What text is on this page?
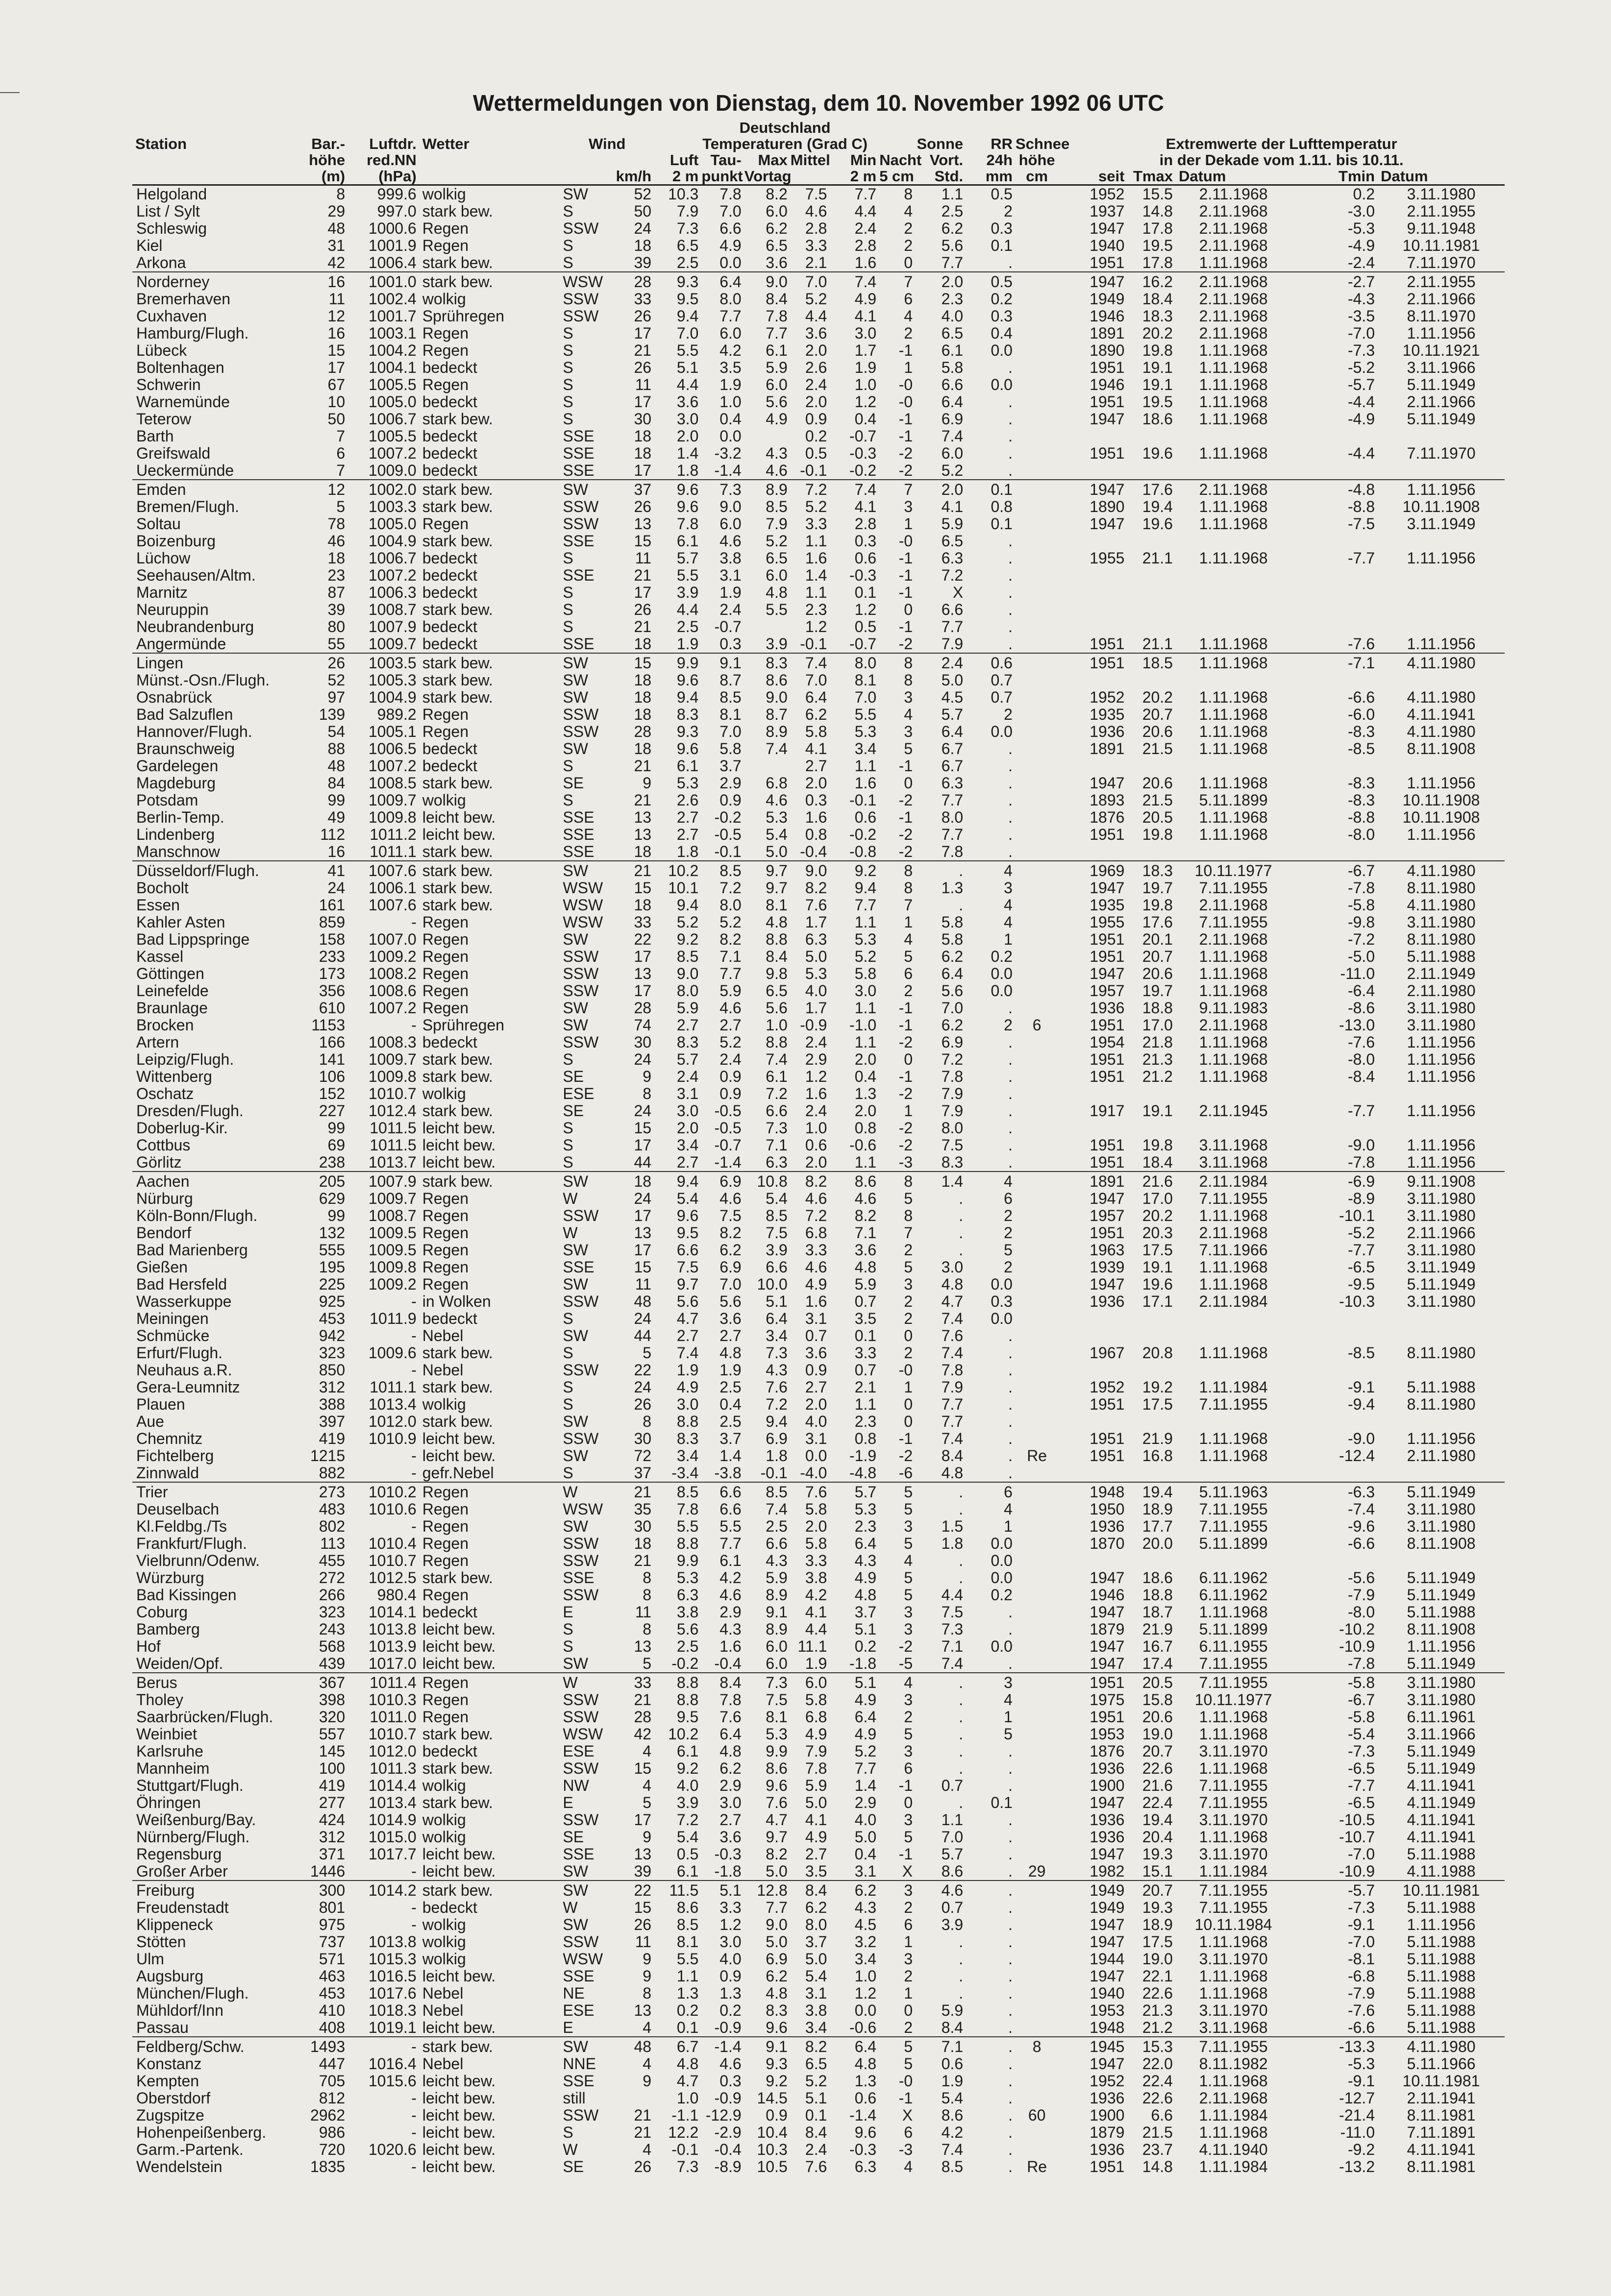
Wettermeldungen von Dienstag, dem 10. November 1992 06 UTC
						Deutschland													
Station	Bar.-	Luftdr.	Wetter	Wind		Temperaturen (Grad C)						Sonne	RR	Schnee	Extremwerte der Lufttemperatur				
	höhe	red.NN				Luft	Tau-	Max	Mittel	Min	Nacht	Vort.	24h	höhe	in der Dekade vom 1.11. bis 10.11.				
	(m)	(hPa)			km/h	2 m	punkt	Vortag		2 m	5 cm	Std.	mm	cm	seit	Tmax	Datum	Tmin	Datum
Helgoland	8	999.6	wolkig	SW	52	10.3	7.8	8.2	7.5	7.7	8	1.1	0.5		1952	15.5	2.11.1968	0.2	3.11.1980
List / Sylt	29	997.0	stark bew.	S	50	7.9	7.0	6.0	4.6	4.4	4	2.5	2		1937	14.8	2.11.1968	-3.0	2.11.1955
Schleswig	48	1000.6	Regen	SSW	24	7.3	6.6	6.2	2.8	2.4	2	6.2	0.3		1947	17.8	2.11.1968	-5.3	9.11.1948
Kiel	31	1001.9	Regen	S	18	6.5	4.9	6.5	3.3	2.8	2	5.6	0.1		1940	19.5	2.11.1968	-4.9	10.11.1981
Arkona	42	1006.4	stark bew.	S	39	2.5	0.0	3.6	2.1	1.6	0	7.7	.		1951	17.8	1.11.1968	-2.4	7.11.1970
Norderney	16	1001.0	stark bew.	WSW	28	9.3	6.4	9.0	7.0	7.4	7	2.0	0.5		1947	16.2	2.11.1968	-2.7	2.11.1955
Bremerhaven	11	1002.4	wolkig	SSW	33	9.5	8.0	8.4	5.2	4.9	6	2.3	0.2		1949	18.4	2.11.1968	-4.3	2.11.1966
Cuxhaven	12	1001.7	Sprühregen	SSW	26	9.4	7.7	7.8	4.4	4.1	4	4.0	0.3		1946	18.3	2.11.1968	-3.5	8.11.1970
Hamburg/Flugh.	16	1003.1	Regen	S	17	7.0	6.0	7.7	3.6	3.0	2	6.5	0.4		1891	20.2	2.11.1968	-7.0	1.11.1956
Lübeck	15	1004.2	Regen	S	21	5.5	4.2	6.1	2.0	1.7	-1	6.1	0.0		1890	19.8	1.11.1968	-7.3	10.11.1921
Boltenhagen	17	1004.1	bedeckt	S	26	5.1	3.5	5.9	2.6	1.9	1	5.8	.		1951	19.1	1.11.1968	-5.2	3.11.1966
Schwerin	67	1005.5	Regen	S	11	4.4	1.9	6.0	2.4	1.0	-0	6.6	0.0		1946	19.1	1.11.1968	-5.7	5.11.1949
Warnemünde	10	1005.0	bedeckt	S	17	3.6	1.0	5.6	2.0	1.2	-0	6.4	.		1951	19.5	1.11.1968	-4.4	2.11.1966
Teterow	50	1006.7	stark bew.	S	30	3.0	0.4	4.9	0.9	0.4	-1	6.9	.		1947	18.6	1.11.1968	-4.9	5.11.1949
Barth	7	1005.5	bedeckt	SSE	18	2.0	0.0		0.2	-0.7	-1	7.4	.						
Greifswald	6	1007.2	bedeckt	SSE	18	1.4	-3.2	4.3	0.5	-0.3	-2	6.0	.		1951	19.6	1.11.1968	-4.4	7.11.1970
Ueckermünde	7	1009.0	bedeckt	SSE	17	1.8	-1.4	4.6	-0.1	-0.2	-2	5.2	.						
Emden	12	1002.0	stark bew.	SW	37	9.6	7.3	8.9	7.2	7.4	7	2.0	0.1		1947	17.6	2.11.1968	-4.8	1.11.1956
Bremen/Flugh.	5	1003.3	stark bew.	SSW	26	9.6	9.0	8.5	5.2	4.1	3	4.1	0.8		1890	19.4	1.11.1968	-8.8	10.11.1908
Soltau	78	1005.0	Regen	SSW	13	7.8	6.0	7.9	3.3	2.8	1	5.9	0.1		1947	19.6	1.11.1968	-7.5	3.11.1949
Boizenburg	46	1004.9	stark bew.	SSE	15	6.1	4.6	5.2	1.1	0.3	-0	6.5	.						
Lüchow	18	1006.7	bedeckt	S	11	5.7	3.8	6.5	1.6	0.6	-1	6.3	.		1955	21.1	1.11.1968	-7.7	1.11.1956
Seehausen/Altm.	23	1007.2	bedeckt	SSE	21	5.5	3.1	6.0	1.4	-0.3	-1	7.2	.						
Marnitz	87	1006.3	bedeckt	S	17	3.9	1.9	4.8	1.1	0.1	-1	X	.						
Neuruppin	39	1008.7	stark bew.	S	26	4.4	2.4	5.5	2.3	1.2	0	6.6	.						
Neubrandenburg	80	1007.9	bedeckt	S	21	2.5	-0.7		1.2	0.5	-1	7.7	.						
Angermünde	55	1009.7	bedeckt	SSE	18	1.9	0.3	3.9	-0.1	-0.7	-2	7.9	.		1951	21.1	1.11.1968	-7.6	1.11.1956
Lingen	26	1003.5	stark bew.	SW	15	9.9	9.1	8.3	7.4	8.0	8	2.4	0.6		1951	18.5	1.11.1968	-7.1	4.11.1980
Münst.-Osn./Flugh.	52	1005.3	stark bew.	SW	18	9.6	8.7	8.6	7.0	8.1	8	5.0	0.7						
Osnabrück	97	1004.9	stark bew.	SW	18	9.4	8.5	9.0	6.4	7.0	3	4.5	0.7		1952	20.2	1.11.1968	-6.6	4.11.1980
Bad Salzuflen	139	989.2	Regen	SSW	18	8.3	8.1	8.7	6.2	5.5	4	5.7	2		1935	20.7	1.11.1968	-6.0	4.11.1941
Hannover/Flugh.	54	1005.1	Regen	SSW	28	9.3	7.0	8.9	5.8	5.3	3	6.4	0.0		1936	20.6	1.11.1968	-8.3	4.11.1980
Braunschweig	88	1006.5	bedeckt	SW	18	9.6	5.8	7.4	4.1	3.4	5	6.7	.		1891	21.5	1.11.1968	-8.5	8.11.1908
Gardelegen	48	1007.2	bedeckt	S	21	6.1	3.7		2.7	1.1	-1	6.7	.						
Magdeburg	84	1008.5	stark bew.	SE	9	5.3	2.9	6.8	2.0	1.6	0	6.3	.		1947	20.6	1.11.1968	-8.3	1.11.1956
Potsdam	99	1009.7	wolkig	S	21	2.6	0.9	4.6	0.3	-0.1	-2	7.7	.		1893	21.5	5.11.1899	-8.3	10.11.1908
Berlin-Temp.	49	1009.8	leicht bew.	SSE	13	2.7	-0.2	5.3	1.6	0.6	-1	8.0	.		1876	20.5	1.11.1968	-8.8	10.11.1908
Lindenberg	112	1011.2	leicht bew.	SSE	13	2.7	-0.5	5.4	0.8	-0.2	-2	7.7	.		1951	19.8	1.11.1968	-8.0	1.11.1956
Manschnow	16	1011.1	stark bew.	SSE	18	1.8	-0.1	5.0	-0.4	-0.8	-2	7.8	.						
Düsseldorf/Flugh.	41	1007.6	stark bew.	SW	21	10.2	8.5	9.7	9.0	9.2	8	.	4		1969	18.3	10.11.1977	-6.7	4.11.1980
Bocholt	24	1006.1	stark bew.	WSW	15	10.1	7.2	9.7	8.2	9.4	8	1.3	3		1947	19.7	7.11.1955	-7.8	8.11.1980
Essen	161	1007.6	stark bew.	WSW	18	9.4	8.0	8.1	7.6	7.7	7	.	4		1935	19.8	2.11.1968	-5.8	4.11.1980
Kahler Asten	859	-	Regen	WSW	33	5.2	5.2	4.8	1.7	1.1	1	5.8	4		1955	17.6	7.11.1955	-9.8	3.11.1980
Bad Lippspringe	158	1007.0	Regen	SW	22	9.2	8.2	8.8	6.3	5.3	4	5.8	1		1951	20.1	2.11.1968	-7.2	8.11.1980
Kassel	233	1009.2	Regen	SSW	17	8.5	7.1	8.4	5.0	5.2	5	6.2	0.2		1951	20.7	1.11.1968	-5.0	5.11.1988
Göttingen	173	1008.2	Regen	SSW	13	9.0	7.7	9.8	5.3	5.8	6	6.4	0.0		1947	20.6	1.11.1968	-11.0	2.11.1949
Leinefelde	356	1008.6	Regen	SSW	17	8.0	5.9	6.5	4.0	3.0	2	5.6	0.0		1957	19.7	1.11.1968	-6.4	2.11.1980
Braunlage	610	1007.2	Regen	SW	28	5.9	4.6	5.6	1.7	1.1	-1	7.0	.		1936	18.8	9.11.1983	-8.6	3.11.1980
Brocken	1153	-	Sprühregen	SW	74	2.7	2.7	1.0	-0.9	-1.0	-1	6.2	2	6	1951	17.0	2.11.1968	-13.0	3.11.1980
Artern	166	1008.3	bedeckt	SSW	30	8.3	5.2	8.8	2.4	1.1	-2	6.9	.		1954	21.8	1.11.1968	-7.6	1.11.1956
Leipzig/Flugh.	141	1009.7	stark bew.	S	24	5.7	2.4	7.4	2.9	2.0	0	7.2	.		1951	21.3	1.11.1968	-8.0	1.11.1956
Wittenberg	106	1009.8	stark bew.	SE	9	2.4	0.9	6.1	1.2	0.4	-1	7.8	.		1951	21.2	1.11.1968	-8.4	1.11.1956
Oschatz	152	1010.7	wolkig	ESE	8	3.1	0.9	7.2	1.6	1.3	-2	7.9	.						
Dresden/Flugh.	227	1012.4	stark bew.	SE	24	3.0	-0.5	6.6	2.4	2.0	1	7.9	.		1917	19.1	2.11.1945	-7.7	1.11.1956
Doberlug-Kir.	99	1011.5	leicht bew.	S	15	2.0	-0.5	7.3	1.0	0.8	-2	8.0	.						
Cottbus	69	1011.5	leicht bew.	S	17	3.4	-0.7	7.1	0.6	-0.6	-2	7.5	.		1951	19.8	3.11.1968	-9.0	1.11.1956
Görlitz	238	1013.7	leicht bew.	S	44	2.7	-1.4	6.3	2.0	1.1	-3	8.3	.		1951	18.4	3.11.1968	-7.8	1.11.1956
Aachen	205	1007.9	stark bew.	SW	18	9.4	6.9	10.8	8.2	8.6	8	1.4	4		1891	21.6	2.11.1984	-6.9	9.11.1908
Nürburg	629	1009.7	Regen	W	24	5.4	4.6	5.4	4.6	4.6	5	.	6		1947	17.0	7.11.1955	-8.9	3.11.1980
Köln-Bonn/Flugh.	99	1008.7	Regen	SSW	17	9.6	7.5	8.5	7.2	8.2	8	.	2		1957	20.2	1.11.1968	-10.1	3.11.1980
Bendorf	132	1009.5	Regen	W	13	9.5	8.2	7.5	6.8	7.1	7	.	2		1951	20.3	2.11.1968	-5.2	2.11.1966
Bad Marienberg	555	1009.5	Regen	SW	17	6.6	6.2	3.9	3.3	3.6	2	.	5		1963	17.5	7.11.1966	-7.7	3.11.1980
Gießen	195	1009.8	Regen	SSE	15	7.5	6.9	6.6	4.6	4.8	5	3.0	2		1939	19.1	1.11.1968	-6.5	3.11.1949
Bad Hersfeld	225	1009.2	Regen	SW	11	9.7	7.0	10.0	4.9	5.9	3	4.8	0.0		1947	19.6	1.11.1968	-9.5	5.11.1949
Wasserkuppe	925	-	in Wolken	SSW	48	5.6	5.6	5.1	1.6	0.7	2	4.7	0.3		1936	17.1	2.11.1984	-10.3	3.11.1980
Meiningen	453	1011.9	bedeckt	S	24	4.7	3.6	6.4	3.1	3.5	2	7.4	0.0						
Schmücke	942	-	Nebel	SW	44	2.7	2.7	3.4	0.7	0.1	0	7.6	.						
Erfurt/Flugh.	323	1009.6	stark bew.	S	5	7.4	4.8	7.3	3.6	3.3	2	7.4	.		1967	20.8	1.11.1968	-8.5	8.11.1980
Neuhaus a.R.	850	-	Nebel	SSW	22	1.9	1.9	4.3	0.9	0.7	-0	7.8	.						
Gera-Leumnitz	312	1011.1	stark bew.	S	24	4.9	2.5	7.6	2.7	2.1	1	7.9	.		1952	19.2	1.11.1984	-9.1	5.11.1988
Plauen	388	1013.4	wolkig	S	26	3.0	0.4	7.2	2.0	1.1	0	7.7	.		1951	17.5	7.11.1955	-9.4	8.11.1980
Aue	397	1012.0	stark bew.	SW	8	8.8	2.5	9.4	4.0	2.3	0	7.7	.						
Chemnitz	419	1010.9	leicht bew.	SSW	30	8.3	3.7	6.9	3.1	0.8	-1	7.4	.		1951	21.9	1.11.1968	-9.0	1.11.1956
Fichtelberg	1215	-	leicht bew.	SW	72	3.4	1.4	1.8	0.0	-1.9	-2	8.4	.	Re	1951	16.8	1.11.1968	-12.4	2.11.1980
Zinnwald	882	-	gefr.Nebel	S	37	-3.4	-3.8	-0.1	-4.0	-4.8	-6	4.8	.						
Trier	273	1010.2	Regen	W	21	8.5	6.6	8.5	7.6	5.7	5	.	6		1948	19.4	5.11.1963	-6.3	5.11.1949
Deuselbach	483	1010.6	Regen	WSW	35	7.8	6.6	7.4	5.8	5.3	5	.	4		1950	18.9	7.11.1955	-7.4	3.11.1980
Kl.Feldbg./Ts	802	-	Regen	SW	30	5.5	5.5	2.5	2.0	2.3	3	1.5	1		1936	17.7	7.11.1955	-9.6	3.11.1980
Frankfurt/Flugh.	113	1010.4	Regen	SSW	18	8.8	7.7	6.6	5.8	6.4	5	1.8	0.0		1870	20.0	5.11.1899	-6.6	8.11.1908
Vielbrunn/Odenw.	455	1010.7	Regen	SSW	21	9.9	6.1	4.3	3.3	4.3	4	.	0.0						
Würzburg	272	1012.5	stark bew.	SSE	8	5.3	4.2	5.9	3.8	4.9	5	.	0.0		1947	18.6	6.11.1962	-5.6	5.11.1949
Bad Kissingen	266	980.4	Regen	SSW	8	6.3	4.6	8.9	4.2	4.8	5	4.4	0.2		1946	18.8	6.11.1962	-7.9	5.11.1949
Coburg	323	1014.1	bedeckt	E	11	3.8	2.9	9.1	4.1	3.7	3	7.5	.		1947	18.7	1.11.1968	-8.0	5.11.1988
Bamberg	243	1013.8	leicht bew.	S	8	5.6	4.3	8.9	4.4	5.1	3	7.3	.		1879	21.9	5.11.1899	-10.2	8.11.1908
Hof	568	1013.9	leicht bew.	S	13	2.5	1.6	6.0	11.1	0.2	-2	7.1	0.0		1947	16.7	6.11.1955	-10.9	1.11.1956
Weiden/Opf.	439	1017.0	leicht bew.	SW	5	-0.2	-0.4	6.0	1.9	-1.8	-5	7.4	.		1947	17.4	7.11.1955	-7.8	5.11.1949
Berus	367	1011.4	Regen	W	33	8.8	8.4	7.3	6.0	5.1	4	.	3		1951	20.5	7.11.1955	-5.8	3.11.1980
Tholey	398	1010.3	Regen	SSW	21	8.8	7.8	7.5	5.8	4.9	3	.	4		1975	15.8	10.11.1977	-6.7	3.11.1980
Saarbrücken/Flugh.	320	1011.0	Regen	SSW	28	9.5	7.6	8.1	6.8	6.4	2	.	1		1951	20.6	1.11.1968	-5.8	6.11.1961
Weinbiet	557	1010.7	stark bew.	WSW	42	10.2	6.4	5.3	4.9	4.9	5	.	5		1953	19.0	1.11.1968	-5.4	3.11.1966
Karlsruhe	145	1012.0	bedeckt	ESE	4	6.1	4.8	9.9	7.9	5.2	3	.	.		1876	20.7	3.11.1970	-7.3	5.11.1949
Mannheim	100	1011.3	stark bew.	SSW	15	9.2	6.2	8.6	7.8	7.7	6	.	.		1936	22.6	1.11.1968	-6.5	5.11.1949
Stuttgart/Flugh.	419	1014.4	wolkig	NW	4	4.0	2.9	9.6	5.9	1.4	-1	0.7	.		1900	21.6	7.11.1955	-7.7	4.11.1941
Öhringen	277	1013.4	stark bew.	E	5	3.9	3.0	7.6	5.0	2.9	0	.	0.1		1947	22.4	7.11.1955	-6.5	4.11.1949
Weißenburg/Bay.	424	1014.9	wolkig	SSW	17	7.2	2.7	4.7	4.1	4.0	3	1.1	.		1936	19.4	3.11.1970	-10.5	4.11.1941
Nürnberg/Flugh.	312	1015.0	wolkig	SE	9	5.4	3.6	9.7	4.9	5.0	5	7.0	.		1936	20.4	1.11.1968	-10.7	4.11.1941
Regensburg	371	1017.7	leicht bew.	SSE	13	0.5	-0.3	8.2	2.7	0.4	-1	5.7	.		1947	19.3	3.11.1970	-7.0	5.11.1988
Großer Arber	1446	-	leicht bew.	SW	39	6.1	-1.8	5.0	3.5	3.1	X	8.6	.	29	1982	15.1	1.11.1984	-10.9	4.11.1988
Freiburg	300	1014.2	stark bew.	SW	22	11.5	5.1	12.8	8.4	6.2	3	4.6	.		1949	20.7	7.11.1955	-5.7	10.11.1981
Freudenstadt	801	-	bedeckt	W	15	8.6	3.3	7.7	6.2	4.3	2	0.7	.		1949	19.3	7.11.1955	-7.3	5.11.1988
Klippeneck	975	-	wolkig	SW	26	8.5	1.2	9.0	8.0	4.5	6	3.9	.		1947	18.9	10.11.1984	-9.1	1.11.1956
Stötten	737	1013.8	wolkig	SSW	11	8.1	3.0	5.0	3.7	3.2	1	.	.		1947	17.5	1.11.1968	-7.0	5.11.1988
Ulm	571	1015.3	wolkig	WSW	9	5.5	4.0	6.9	5.0	3.4	3	.	.		1944	19.0	3.11.1970	-8.1	5.11.1988
Augsburg	463	1016.5	leicht bew.	SSE	9	1.1	0.9	6.2	5.4	1.0	2	.	.		1947	22.1	1.11.1968	-6.8	5.11.1988
München/Flugh.	453	1017.6	Nebel	NE	8	1.3	1.3	4.8	3.1	1.2	1	.	.		1940	22.6	1.11.1968	-7.9	5.11.1988
Mühldorf/Inn	410	1018.3	Nebel	ESE	13	0.2	0.2	8.3	3.8	0.0	0	5.9	.		1953	21.3	3.11.1970	-7.6	5.11.1988
Passau	408	1019.1	leicht bew.	E	4	0.1	-0.9	9.6	3.4	-0.6	2	8.4	.		1948	21.2	3.11.1968	-6.6	5.11.1988
Feldberg/Schw.	1493	-	stark bew.	SW	48	6.7	-1.4	9.1	8.2	6.4	5	7.1	.	8	1945	15.3	7.11.1955	-13.3	4.11.1980
Konstanz	447	1016.4	Nebel	NNE	4	4.8	4.6	9.3	6.5	4.8	5	0.6	.		1947	22.0	8.11.1982	-5.3	5.11.1966
Kempten	705	1015.6	leicht bew.	SSE	9	4.7	0.3	9.2	5.2	1.3	-0	1.9	.		1952	22.4	1.11.1968	-9.1	10.11.1981
Oberstdorf	812	-	leicht bew.	still		1.0	-0.9	14.5	5.1	0.6	-1	5.4	.		1936	22.6	2.11.1968	-12.7	2.11.1941
Zugspitze	2962	-	leicht bew.	SSW	21	-1.1	-12.9	0.9	0.1	-1.4	X	8.6	.	60	1900	6.6	1.11.1984	-21.4	8.11.1981
Hohenpeißenberg.	986	-	leicht bew.	S	21	12.2	-2.9	10.4	8.4	9.6	6	4.2	.		1879	21.5	1.11.1968	-11.0	7.11.1891
Garm.-Partenk.	720	1020.6	leicht bew.	W	4	-0.1	-0.4	10.3	2.4	-0.3	-3	7.4	.		1936	23.7	4.11.1940	-9.2	4.11.1941
Wendelstein	1835	-	leicht bew.	SE	26	7.3	-8.9	10.5	7.6	6.3	4	8.5	.	Re	1951	14.8	1.11.1984	-13.2	8.11.1981
